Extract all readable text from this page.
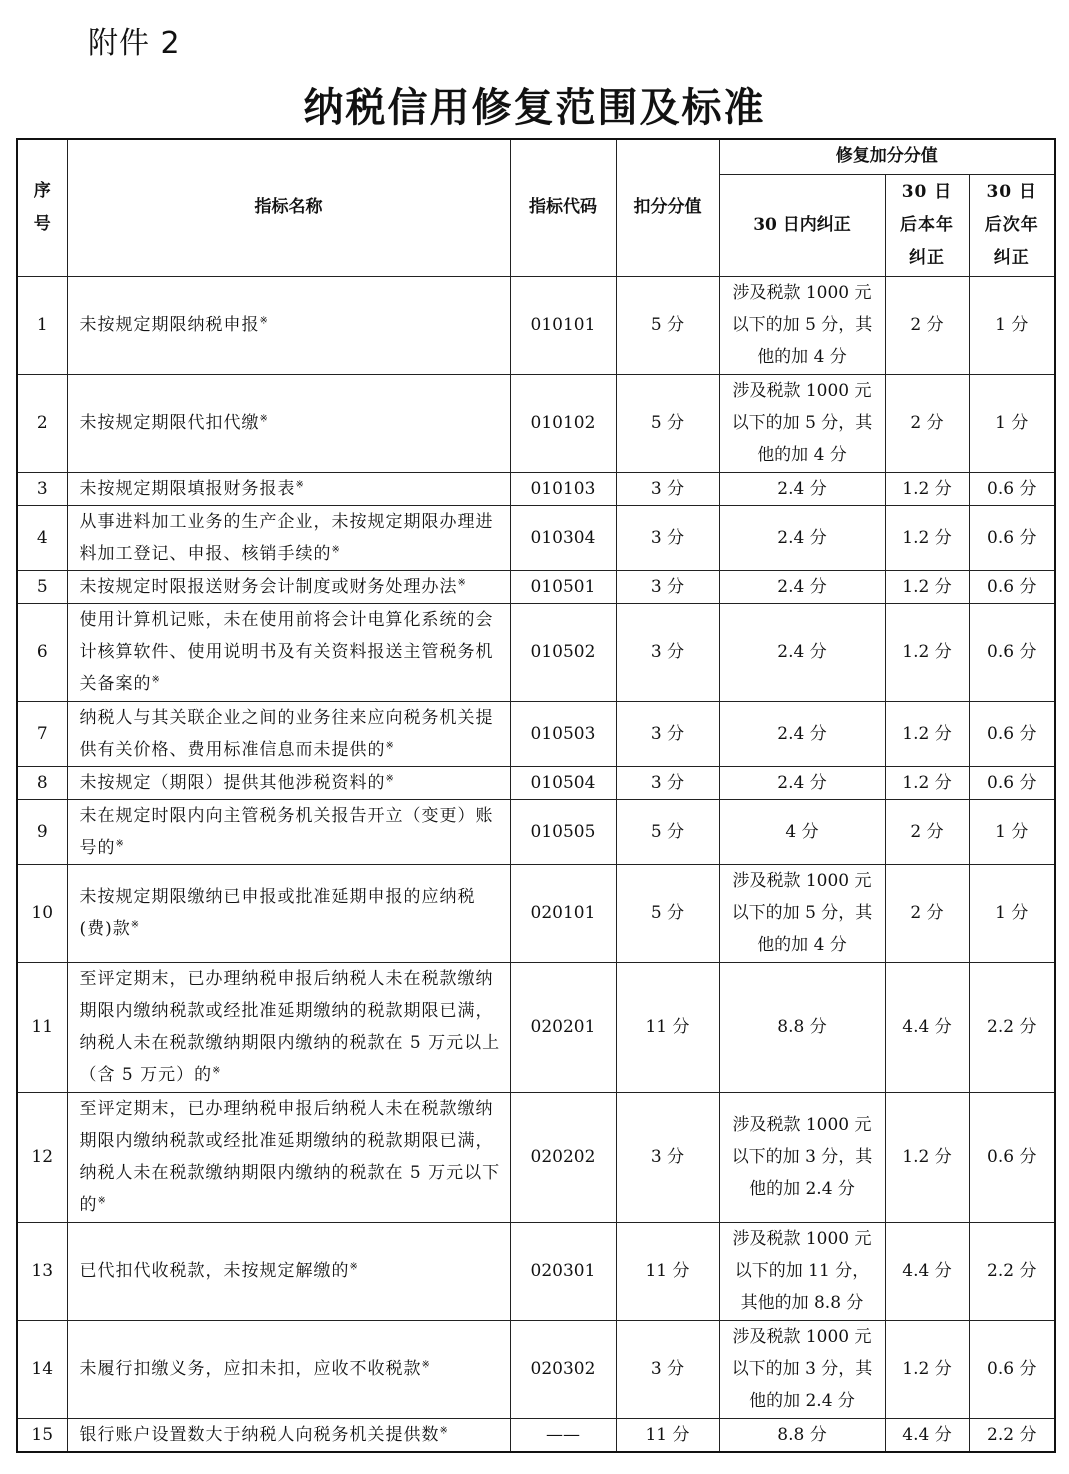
附件 2
纳税信用修复范围及标准
序号	指标名称	指标代码	扣分分值	修复加分分值		
				30 日内纠正	30 日后本年纠正	30 日后次年纠正
1	未按规定期限纳税申报※	010101	5 分	涉及税款 1000 元以下的加 5 分，其他的加 4 分	2 分	1 分
2	未按规定期限代扣代缴※	010102	5 分	涉及税款 1000 元以下的加 5 分，其他的加 4 分	2 分	1 分
3	未按规定期限填报财务报表※	010103	3 分	2.4 分	1.2 分	0.6 分
4	从事进料加工业务的生产企业，未按规定期限办理进料加工登记、申报、核销手续的※	010304	3 分	2.4 分	1.2 分	0.6 分
5	未按规定时限报送财务会计制度或财务处理办法※	010501	3 分	2.4 分	1.2 分	0.6 分
6	使用计算机记账，未在使用前将会计电算化系统的会计核算软件、使用说明书及有关资料报送主管税务机关备案的※	010502	3 分	2.4 分	1.2 分	0.6 分
7	纳税人与其关联企业之间的业务往来应向税务机关提供有关价格、费用标准信息而未提供的※	010503	3 分	2.4 分	1.2 分	0.6 分
8	未按规定（期限）提供其他涉税资料的※	010504	3 分	2.4 分	1.2 分	0.6 分
9	未在规定时限内向主管税务机关报告开立（变更）账号的※	010505	5 分	4 分	2 分	1 分
10	未按规定期限缴纳已申报或批准延期申报的应纳税(费)款※	020101	5 分	涉及税款 1000 元以下的加 5 分，其他的加 4 分	2 分	1 分
11	至评定期末，已办理纳税申报后纳税人未在税款缴纳期限内缴纳税款或经批准延期缴纳的税款期限已满，纳税人未在税款缴纳期限内缴纳的税款在 5 万元以上（含 5 万元）的※	020201	11 分	8.8 分	4.4 分	2.2 分
12	至评定期末，已办理纳税申报后纳税人未在税款缴纳期限内缴纳税款或经批准延期缴纳的税款期限已满，纳税人未在税款缴纳期限内缴纳的税款在 5 万元以下的※	020202	3 分	涉及税款 1000 元以下的加 3 分，其他的加 2.4 分	1.2 分	0.6 分
13	已代扣代收税款，未按规定解缴的※	020301	11 分	涉及税款 1000 元以下的加 11 分，其他的加 8.8 分	4.4 分	2.2 分
14	未履行扣缴义务，应扣未扣，应收不收税款※	020302	3 分	涉及税款 1000 元以下的加 3 分，其他的加 2.4 分	1.2 分	0.6 分
15	银行账户设置数大于纳税人向税务机关提供数※	——	11 分	8.8 分	4.4 分	2.2 分
